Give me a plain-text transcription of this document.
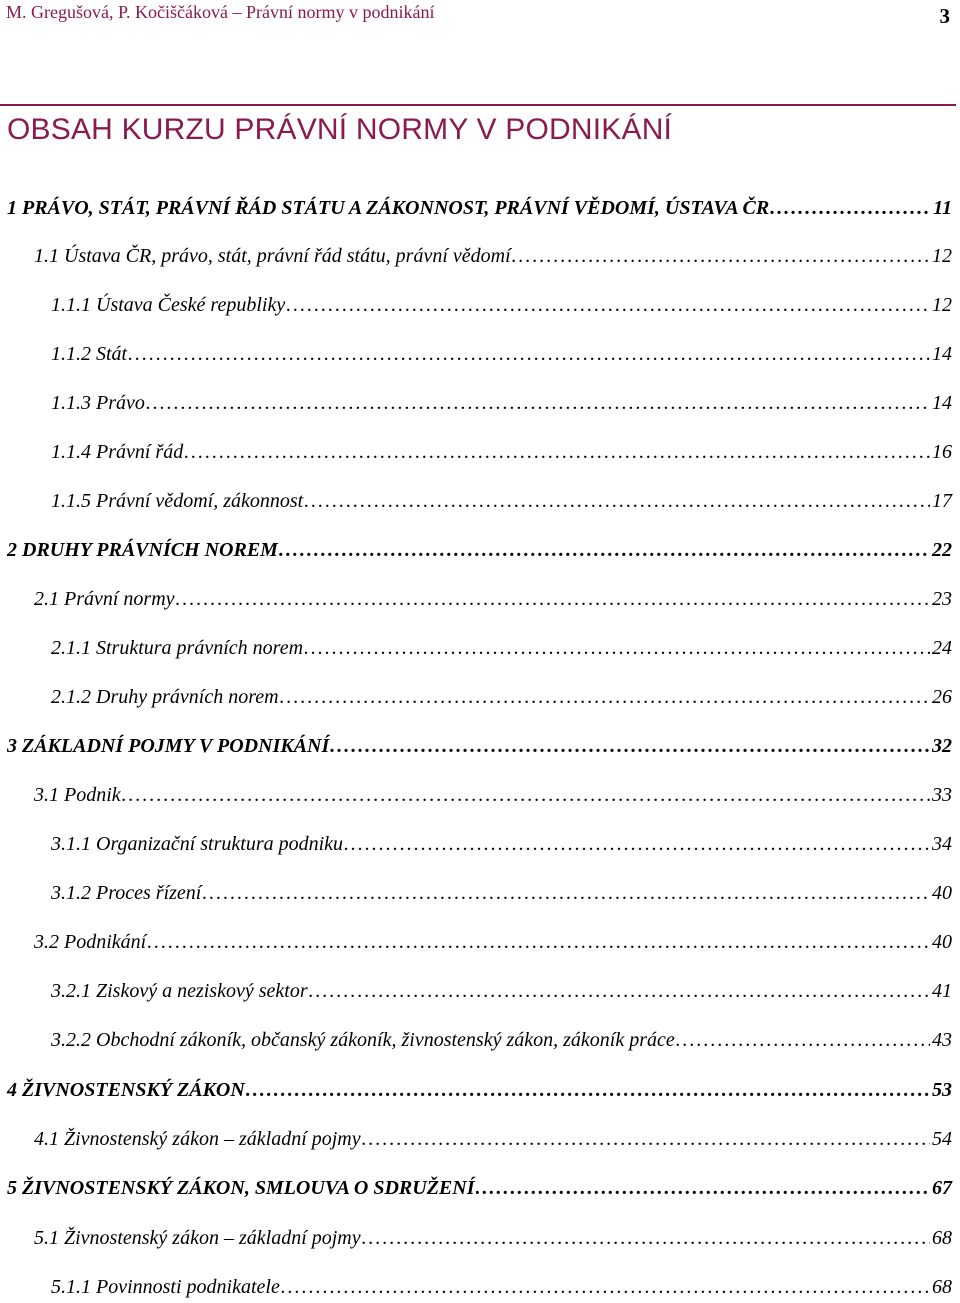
M. Gregušová, P. Kočiščáková – Právní normy v podnikání	3
OBSAH KURZU PRÁVNÍ NORMY V PODNIKÁNÍ
1 PRÁVO, STÁT, PRÁVNÍ ŘÁD STÁTU A ZÁKONNOST, PRÁVNÍ VĚDOMÍ, ÚSTAVA ČR . . .	11
1.1 Ústava ČR, právo, stát, právní řád státu, právní vědomí . . .	12
1.1.1 Ústava České republiky . . .	12
1.1.2 Stát . . .	14
1.1.3 Právo . . .	14
1.1.4 Právní řád . . .	16
1.1.5 Právní vědomí, zákonnost . . .	17
2 DRUHY PRÁVNÍCH NOREM . . .	22
2.1 Právní normy . . .	23
2.1.1 Struktura právních norem . . .	24
2.1.2 Druhy právních norem . . .	26
3 ZÁKLADNÍ POJMY V PODNIKÁNÍ . . .	32
3.1 Podnik . . .	33
3.1.1 Organizační struktura podniku . . .	34
3.1.2 Proces řízení . . .	40
3.2 Podnikání . . .	40
3.2.1 Ziskový a neziskový sektor . . .	41
3.2.2 Obchodní zákoník, občanský zákoník, živnostenský zákon, zákoník práce . . .	43
4 ŽIVNOSTENSKÝ ZÁKON . . .	53
4.1 Živnostenský zákon – základní pojmy . . .	54
5 ŽIVNOSTENSKÝ ZÁKON, SMLOUVA O SDRUŽENÍ . . .	67
5.1 Živnostenský zákon – základní pojmy . . .	68
5.1.1 Povinnosti podnikatele . . .	68
